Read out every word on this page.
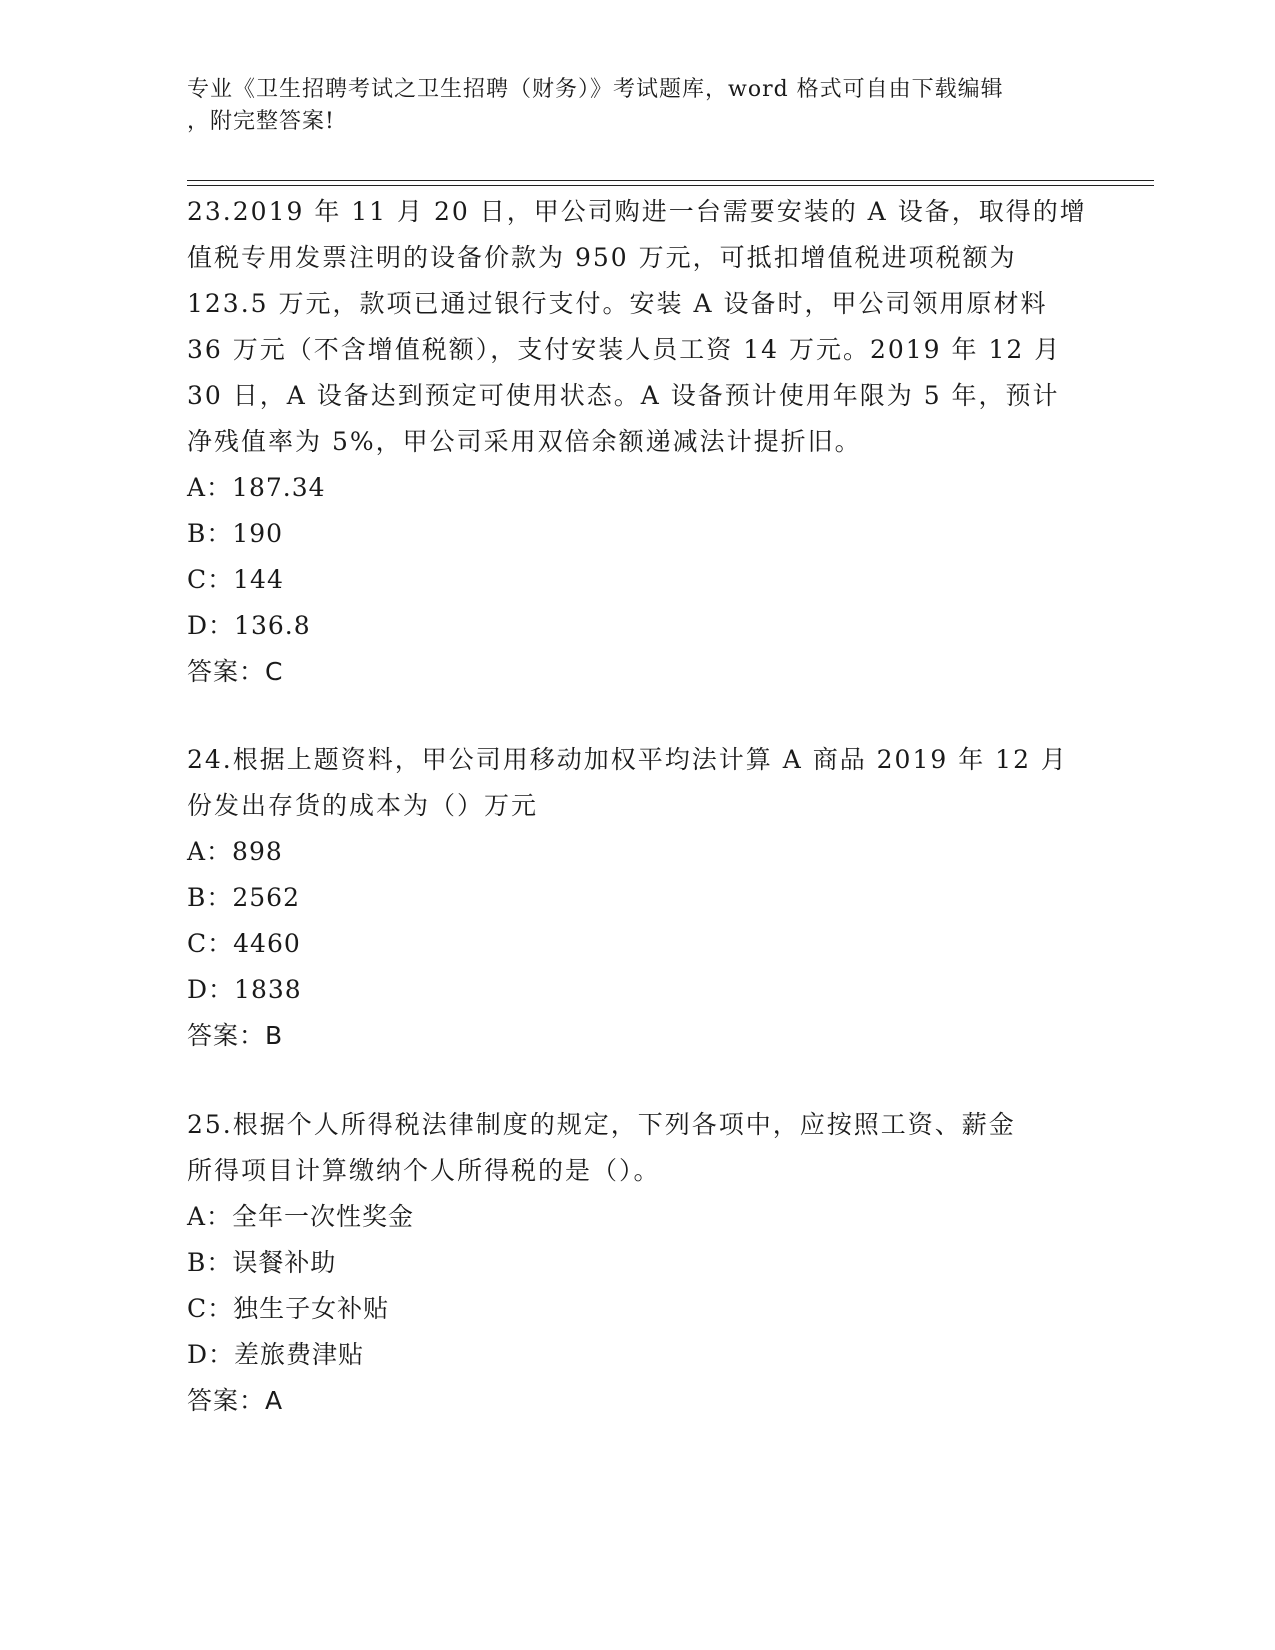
专业《卫生招聘考试之卫生招聘（财务）》考试题库，word 格式可自由下载编辑
，附完整答案!
23.2019 年 11 月 20 日，甲公司购进一台需要安装的 A 设备，取得的增
值税专用发票注明的设备价款为 950 万元，可抵扣增值税进项税额为
123.5 万元，款项已通过银行支付。安装 A 设备时，甲公司领用原材料
36 万元（不含增值税额），支付安装人员工资 14 万元。2019 年 12 月
30 日，A 设备达到预定可使用状态。A 设备预计使用年限为 5 年，预计
净残值率为 5%，甲公司采用双倍余额递减法计提折旧。
A：187.34
B：190
C：144
D：136.8
答案：C
24.根据上题资料，甲公司用移动加权平均法计算 A 商品 2019 年 12 月
份发出存货的成本为（）万元
A：898
B：2562
C：4460
D：1838
答案：B
25.根据个人所得税法律制度的规定，下列各项中，应按照工资、薪金
所得项目计算缴纳个人所得税的是（）。
A：全年一次性奖金
B：误餐补助
C：独生子女补贴
D：差旅费津贴
答案：A
